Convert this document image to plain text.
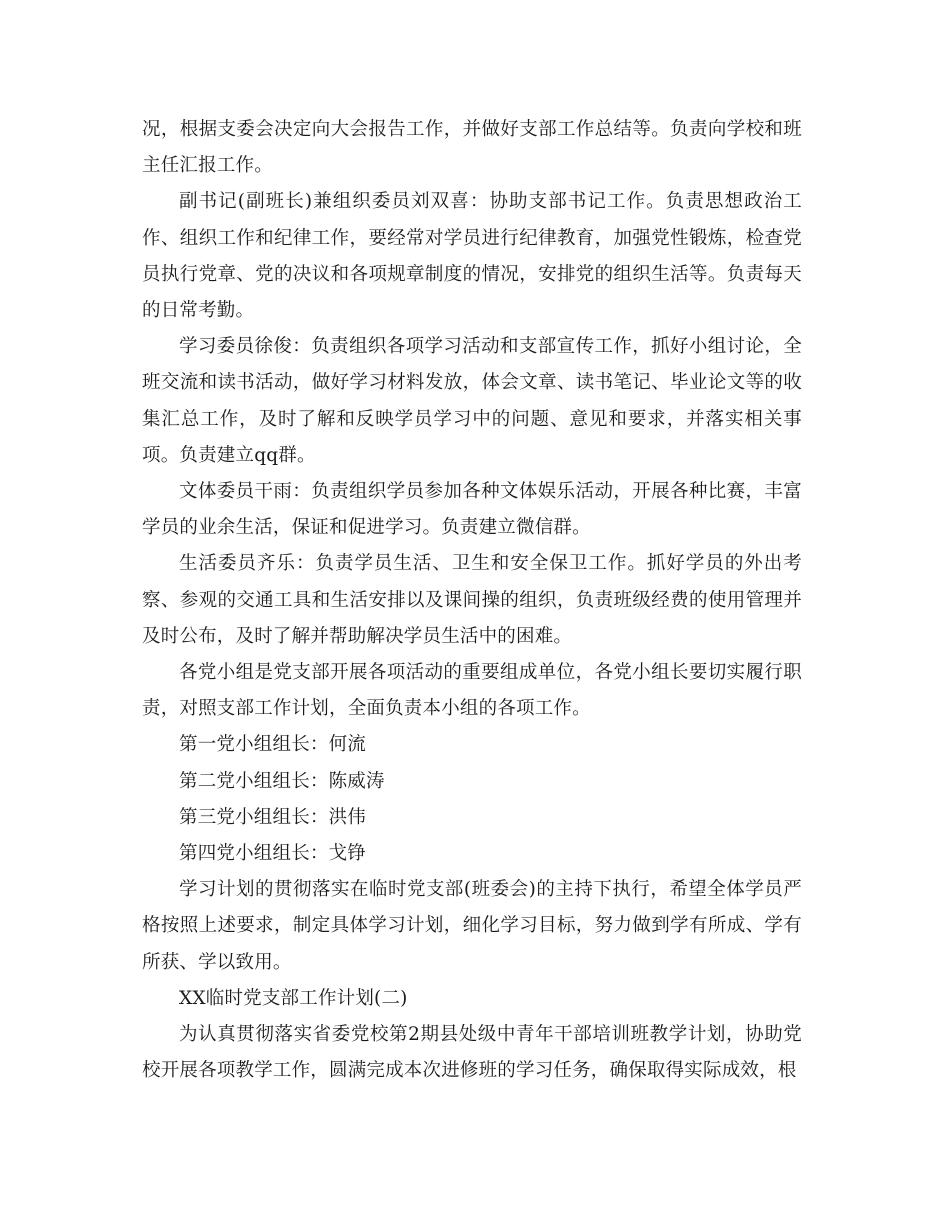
况，根据支委会决定向大会报告工作，并做好支部工作总结等。负责向学校和班主任汇报工作。

副书记(副班长)兼组织委员刘双喜：协助支部书记工作。负责思想政治工作、组织工作和纪律工作，要经常对学员进行纪律教育，加强党性锻炼，检查党员执行党章、党的决议和各项规章制度的情况，安排党的组织生活等。负责每天的日常考勤。

学习委员徐俊：负责组织各项学习活动和支部宣传工作，抓好小组讨论，全班交流和读书活动，做好学习材料发放，体会文章、读书笔记、毕业论文等的收集汇总工作，及时了解和反映学员学习中的问题、意见和要求，并落实相关事项。负责建立qq群。

文体委员干雨：负责组织学员参加各种文体娱乐活动，开展各种比赛，丰富学员的业余生活，保证和促进学习。负责建立微信群。

生活委员齐乐：负责学员生活、卫生和安全保卫工作。抓好学员的外出考察、参观的交通工具和生活安排以及课间操的组织，负责班级经费的使用管理并及时公布，及时了解并帮助解决学员生活中的困难。

各党小组是党支部开展各项活动的重要组成单位，各党小组长要切实履行职责，对照支部工作计划，全面负责本小组的各项工作。

第一党小组组长：何流

第二党小组组长：陈威涛

第三党小组组长：洪伟

第四党小组组长：戈铮

学习计划的贯彻落实在临时党支部(班委会)的主持下执行，希望全体学员严格按照上述要求，制定具体学习计划，细化学习目标，努力做到学有所成、学有所获、学以致用。

XX临时党支部工作计划(二)

为认真贯彻落实省委党校第2期县处级中青年干部培训班教学计划，协助党校开展各项教学工作，圆满完成本次进修班的学习任务，确保取得实际成效，根
